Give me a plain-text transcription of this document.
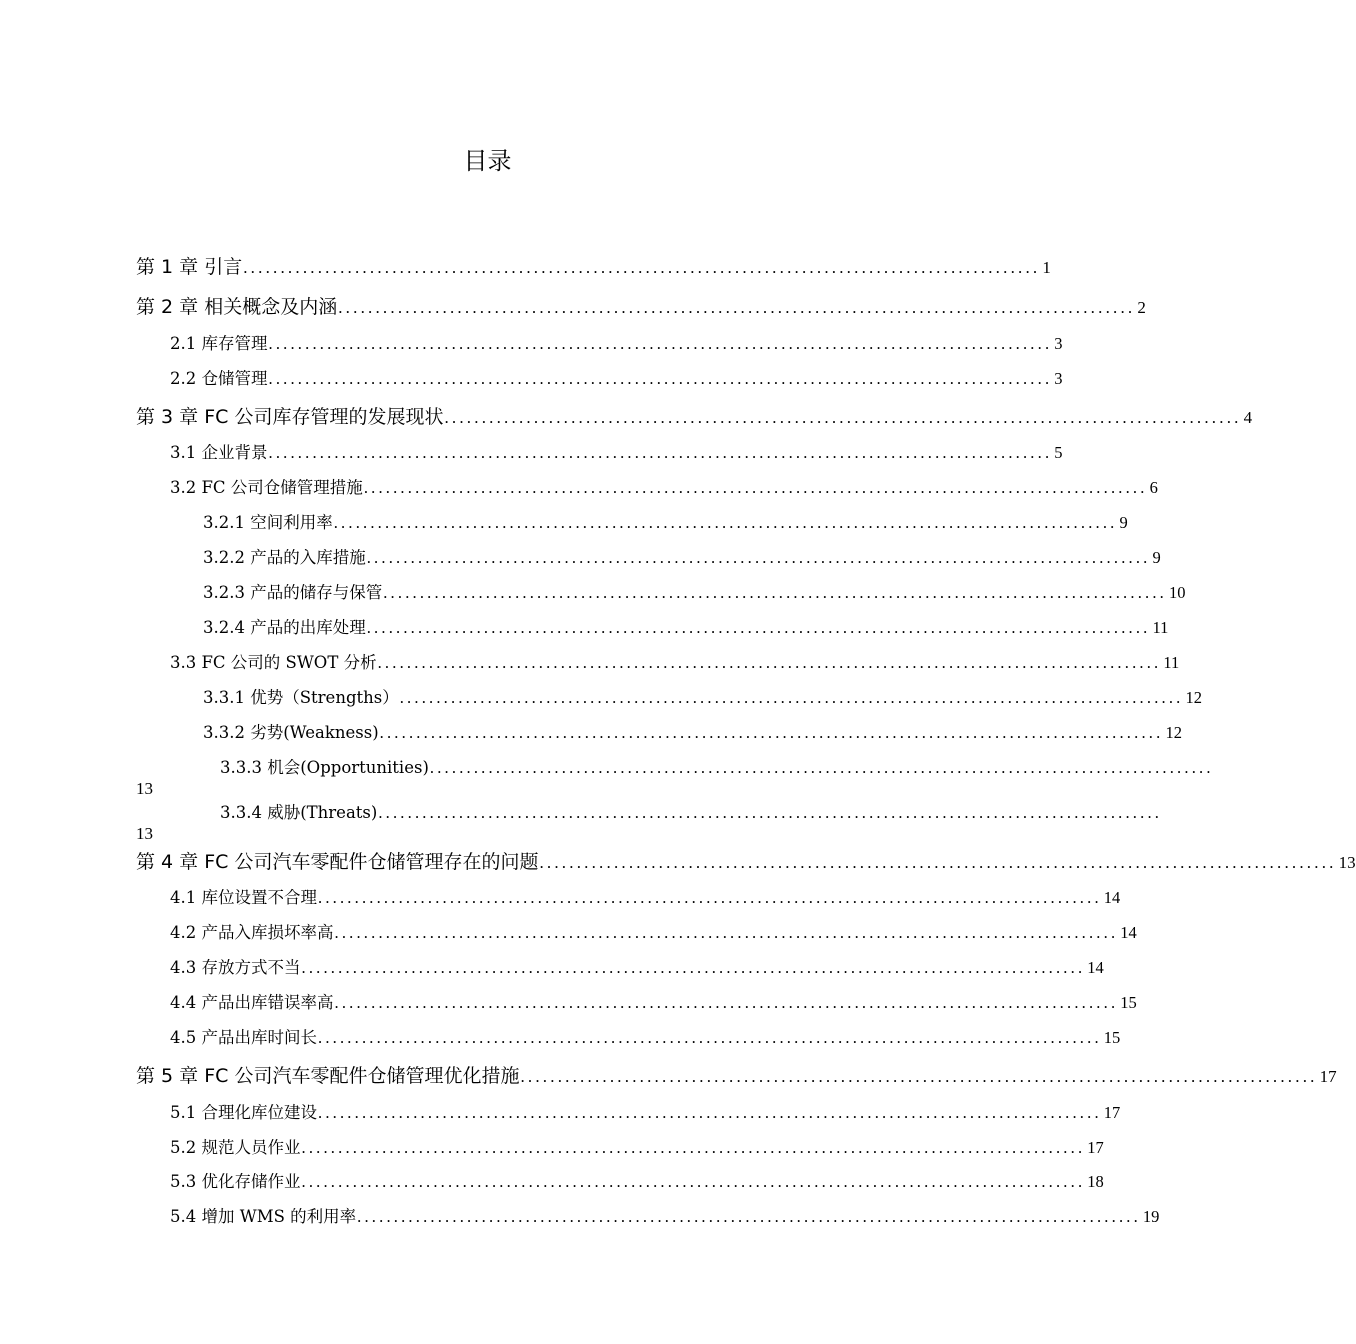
目录
第 1 章 引言 ........................................................................................................... 1
第 2 章 相关概念及内涵 ........................................................................................................... 2
2.1 库存管理 ........................................................................................................... 3
2.2 仓储管理 ........................................................................................................... 3
第 3 章 FC 公司库存管理的发展现状 ........................................................................................................... 4
3.1 企业背景 ........................................................................................................... 5
3.2 FC 公司仓储管理措施 ........................................................................................................... 6
3.2.1 空间利用率 ........................................................................................................... 9
3.2.2 产品的入库措施 ........................................................................................................... 9
3.2.3 产品的储存与保管 ........................................................................................................... 10
3.2.4 产品的出库处理 ........................................................................................................... 11
3.3 FC 公司的 SWOT 分析 ........................................................................................................... 11
3.3.1 优势（Strengths） ........................................................................................................... 12
3.3.2 劣势(Weakness) ........................................................................................................... 12
3.3.3 机会(Opportunities) ...........................................................................................................
13
3.3.4 威胁(Threats) ...........................................................................................................
13
第 4 章 FC 公司汽车零配件仓储管理存在的问题 ........................................................................................................... 13
4.1 库位设置不合理 ........................................................................................................... 14
4.2 产品入库损坏率高 ........................................................................................................... 14
4.3 存放方式不当 ........................................................................................................... 14
4.4 产品出库错误率高 ........................................................................................................... 15
4.5 产品出库时间长 ........................................................................................................... 15
第 5 章 FC 公司汽车零配件仓储管理优化措施 ........................................................................................................... 17
5.1 合理化库位建设 ........................................................................................................... 17
5.2 规范人员作业 ........................................................................................................... 17
5.3 优化存储作业 ........................................................................................................... 18
5.4 增加 WMS 的利用率 ........................................................................................................... 19
